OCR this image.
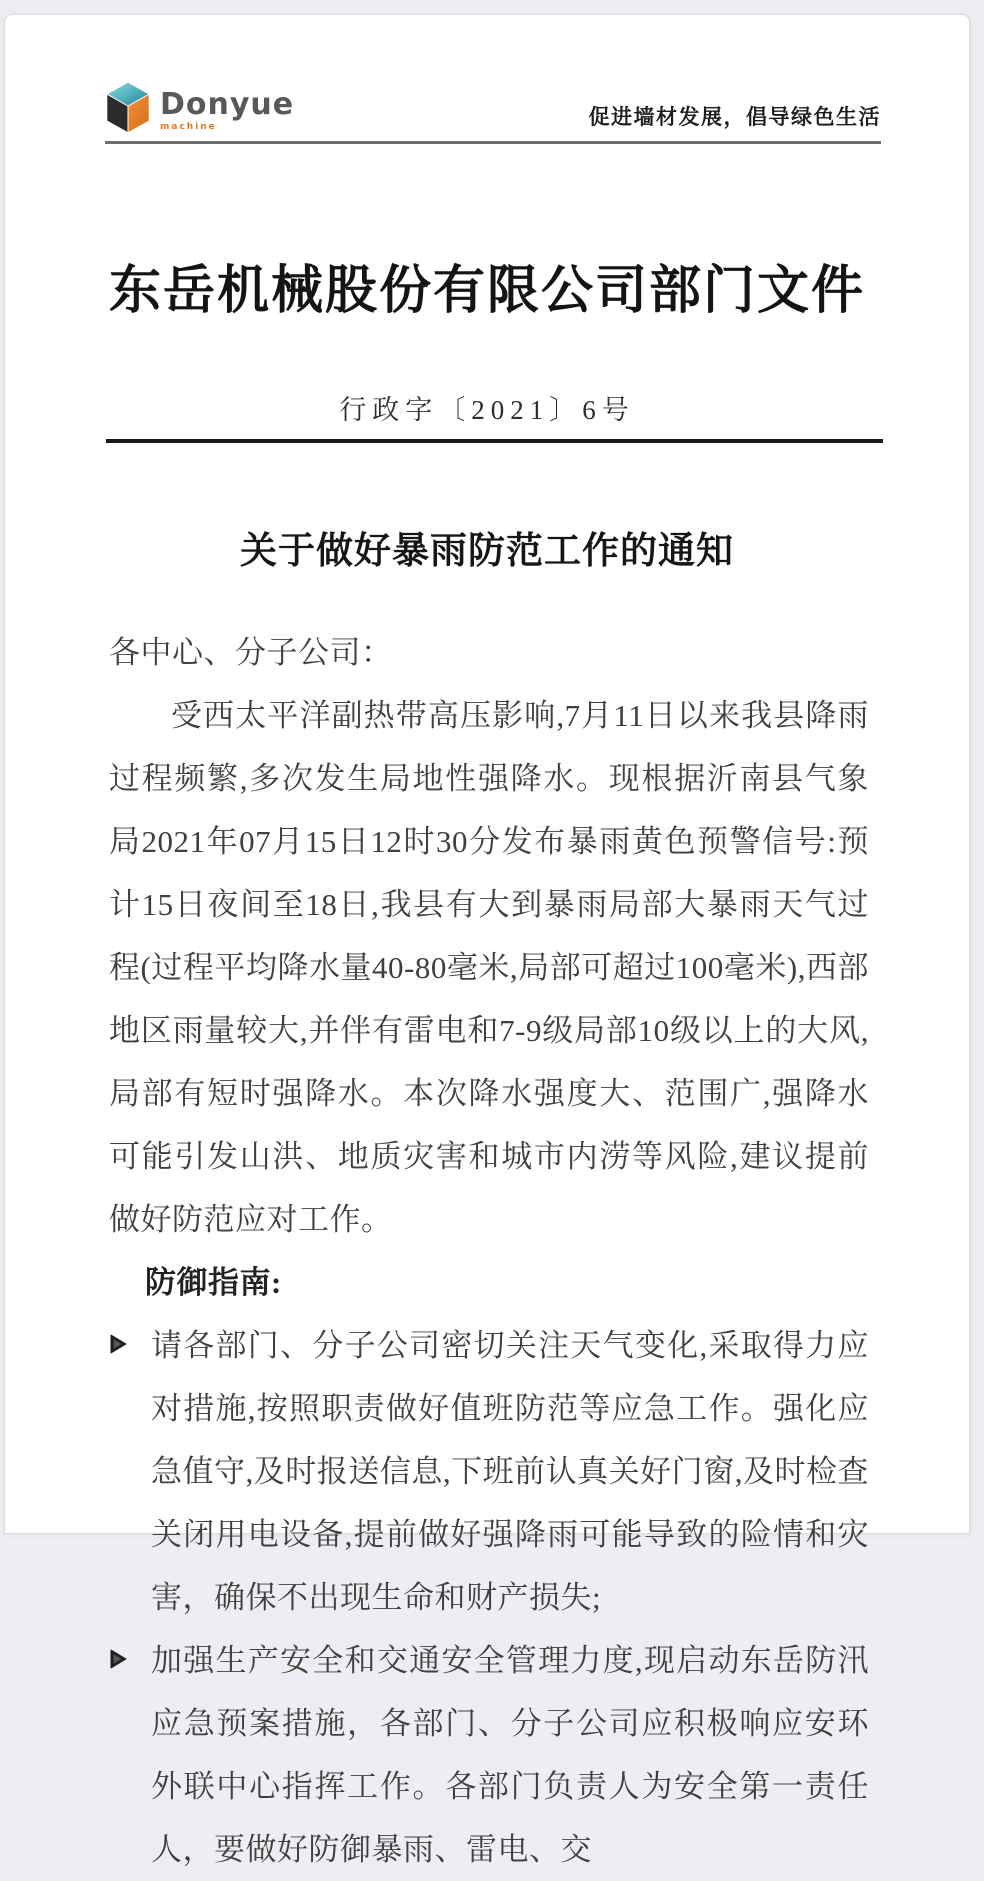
Donyue
machine	促进墙材发展，倡导绿色生活
东岳机械股份有限公司部门文件
行政字〔2021〕6号
关于做好暴雨防范工作的通知

各中心、分子公司：

受西太平洋副热带高压影响,7月11日以来我县降雨过程频繁,多次发生局地性强降水。现根据沂南县气象局2021年07月15日12时30分发布暴雨黄色预警信号:预计15日夜间至18日,我县有大到暴雨局部大暴雨天气过程(过程平均降水量40-80毫米,局部可超过100毫米),西部地区雨量较大,并伴有雷电和7-9级局部10级以上的大风,局部有短时强降水。本次降水强度大、范围广,强降水可能引发山洪、地质灾害和城市内涝等风险,建议提前做好防范应对工作。

防御指南:

请各部门、分子公司密切关注天气变化,采取得力应对措施,按照职责做好值班防范等应急工作。强化应急值守,及时报送信息,下班前认真关好门窗,及时检查关闭用电设备,提前做好强降雨可能导致的险情和灾害，确保不出现生命和财产损失;
加强生产安全和交通安全管理力度,现启动东岳防汛应急预案措施，各部门、分子公司应积极响应安环外联中心指挥工作。各部门负责人为安全第一责任人，要做好防御暴雨、雷电、交
